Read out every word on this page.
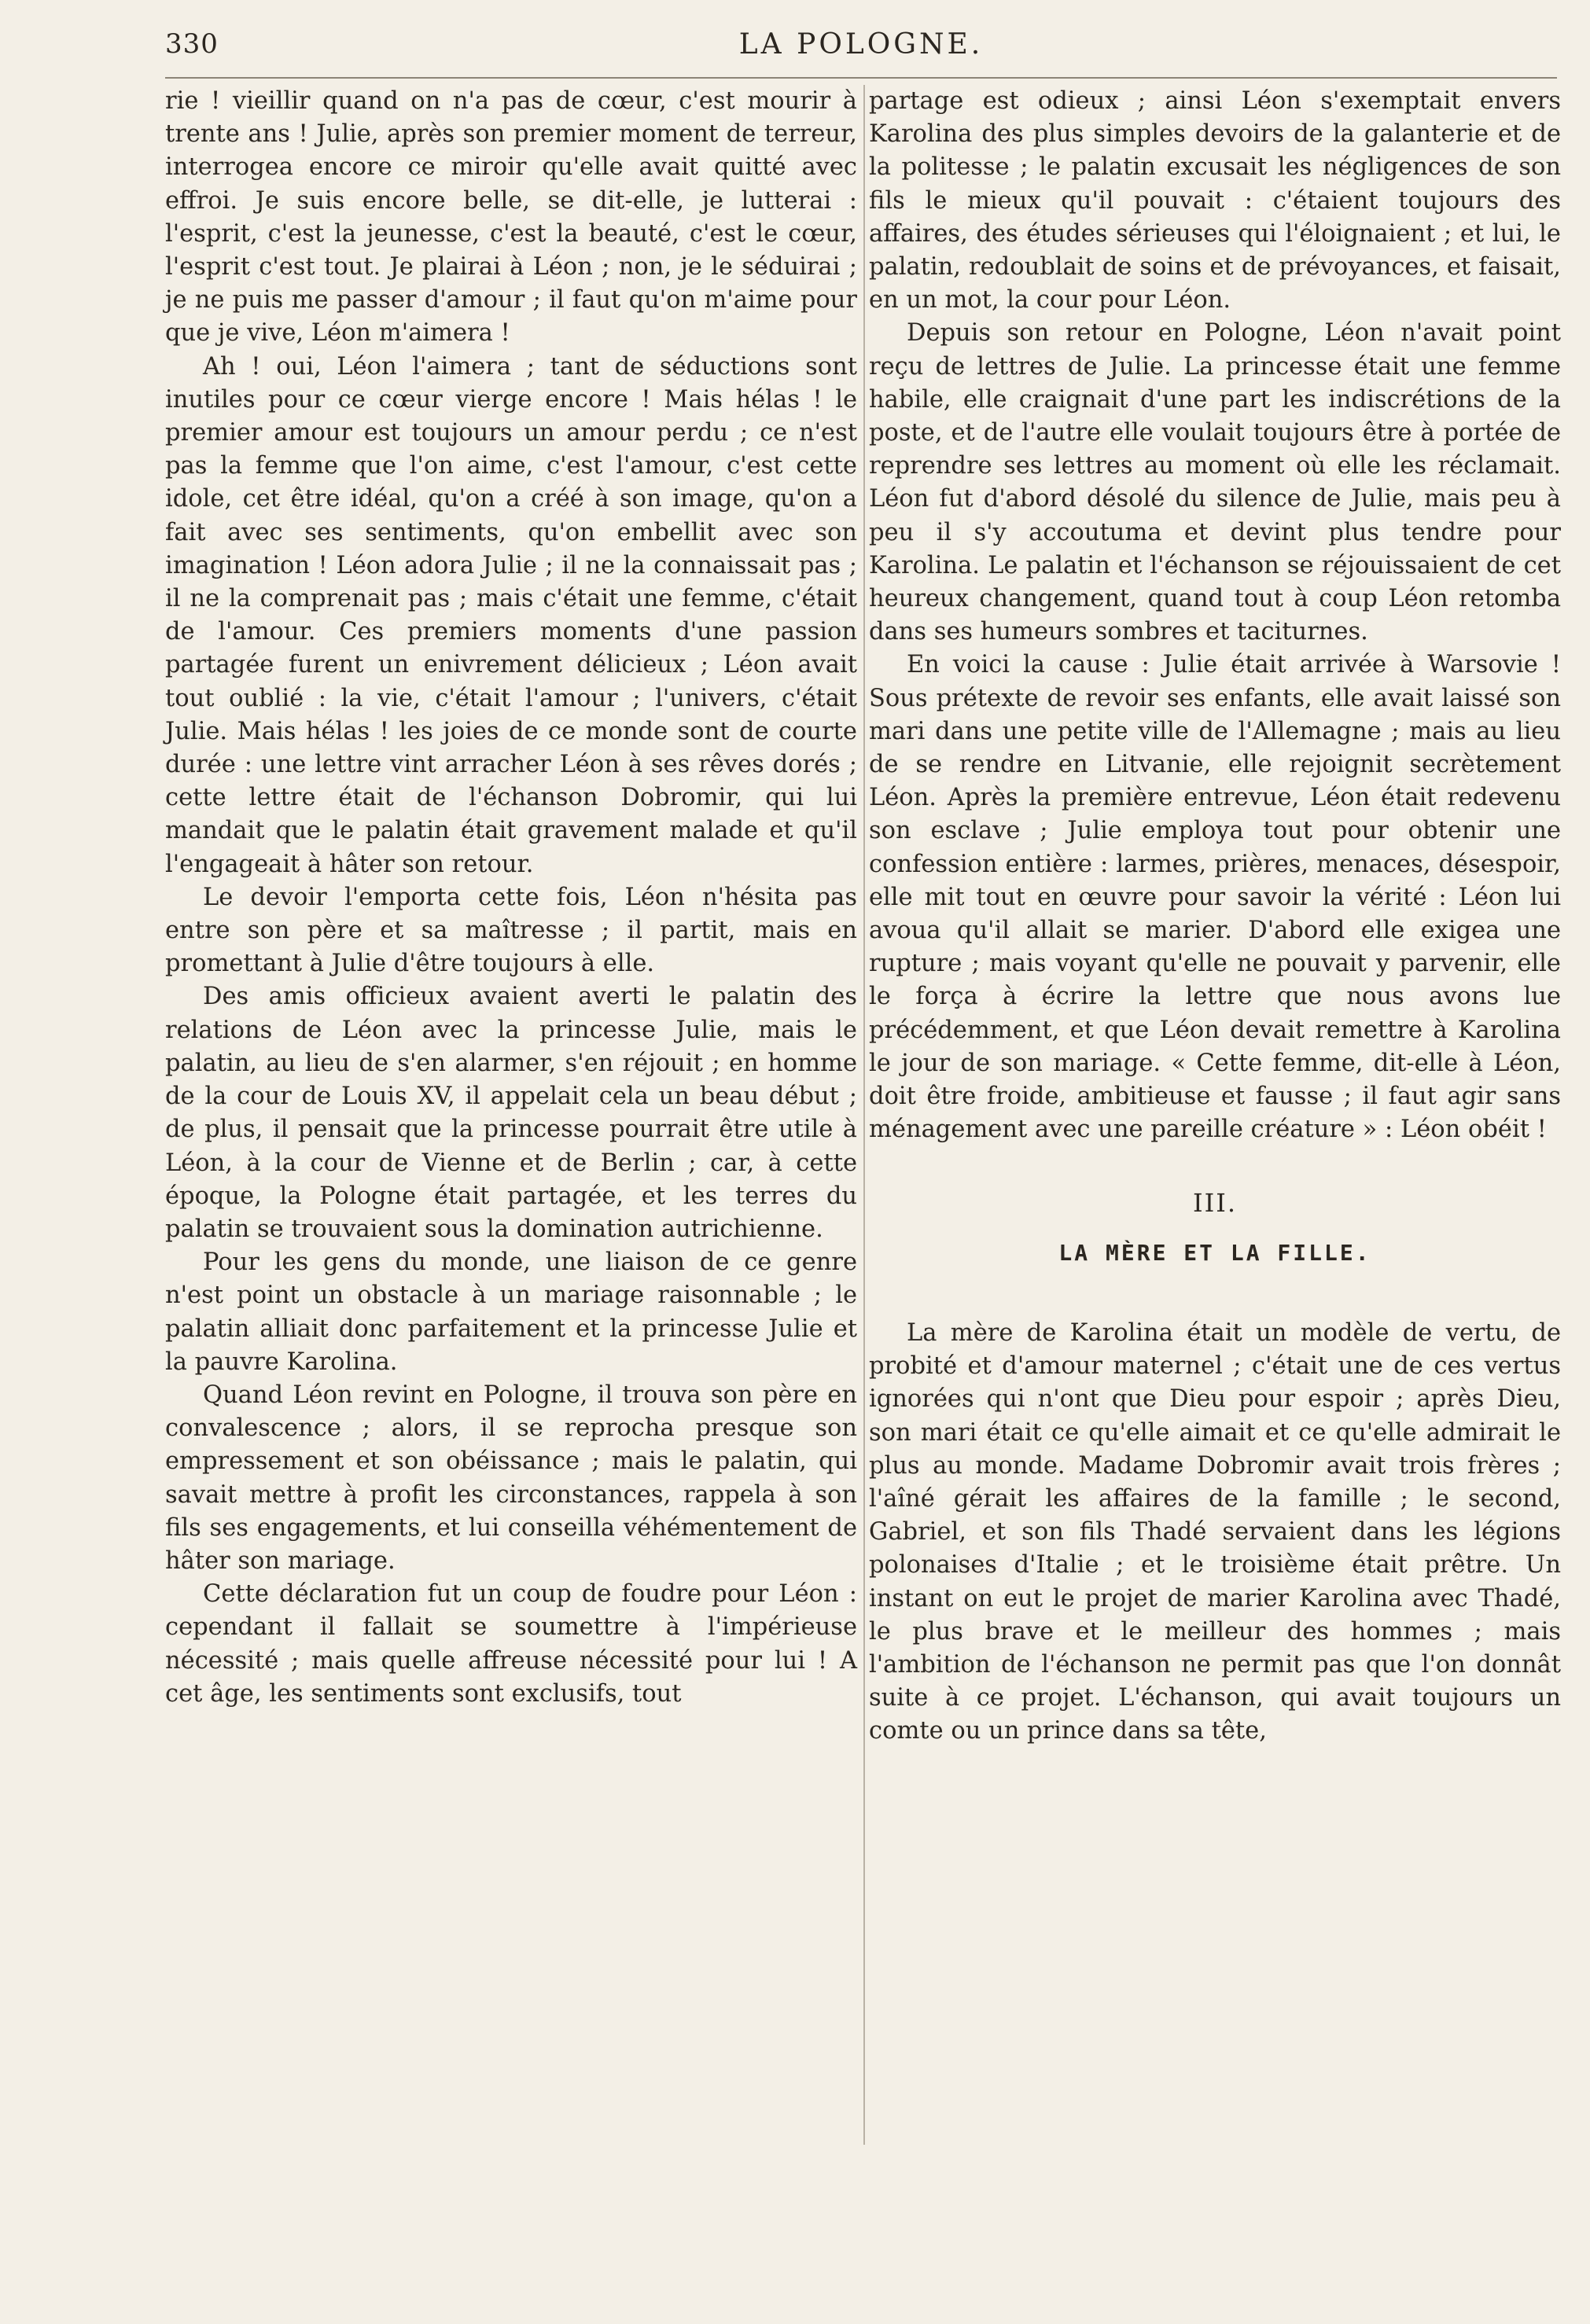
330	LA POLOGNE.

rie ! vieillir quand on n'a pas de cœur, c'est mourir à trente ans ! Julie, après son premier moment de terreur, interrogea encore ce miroir qu'elle avait quitté avec effroi. Je suis encore belle, se dit-elle, je lutterai : l'esprit, c'est la jeunesse, c'est la beauté, c'est le cœur, l'esprit c'est tout. Je plairai à Léon ; non, je le séduirai ; je ne puis me passer d'amour ; il faut qu'on m'aime pour que je vive, Léon m'aimera !

Ah ! oui, Léon l'aimera ; tant de séductions sont inutiles pour ce cœur vierge encore ! Mais hélas ! le premier amour est toujours un amour perdu ; ce n'est pas la femme que l'on aime, c'est l'amour, c'est cette idole, cet être idéal, qu'on a créé à son image, qu'on a fait avec ses sentiments, qu'on embellit avec son imagination ! Léon adora Julie ; il ne la connaissait pas ; il ne la comprenait pas ; mais c'était une femme, c'était de l'amour. Ces premiers moments d'une passion partagée furent un enivrement délicieux ; Léon avait tout oublié : la vie, c'était l'amour ; l'univers, c'était Julie. Mais hélas ! les joies de ce monde sont de courte durée : une lettre vint arracher Léon à ses rêves dorés ; cette lettre était de l'échanson Dobromir, qui lui mandait que le palatin était gravement malade et qu'il l'engageait à hâter son retour.

Le devoir l'emporta cette fois, Léon n'hésita pas entre son père et sa maîtresse ; il partit, mais en promettant à Julie d'être toujours à elle.

Des amis officieux avaient averti le palatin des relations de Léon avec la princesse Julie, mais le palatin, au lieu de s'en alarmer, s'en réjouit ; en homme de la cour de Louis XV, il appelait cela un beau début ; de plus, il pensait que la princesse pourrait être utile à Léon, à la cour de Vienne et de Berlin ; car, à cette époque, la Pologne était partagée, et les terres du palatin se trouvaient sous la domination autrichienne.

Pour les gens du monde, une liaison de ce genre n'est point un obstacle à un mariage raisonnable ; le palatin alliait donc parfaitement et la princesse Julie et la pauvre Karolina.

Quand Léon revint en Pologne, il trouva son père en convalescence ; alors, il se reprocha presque son empressement et son obéissance ; mais le palatin, qui savait mettre à profit les circonstances, rappela à son fils ses engagements, et lui conseilla véhémentement de hâter son mariage.

Cette déclaration fut un coup de foudre pour Léon : cependant il fallait se soumettre à l'impérieuse nécessité ; mais quelle affreuse nécessité pour lui ! A cet âge, les sentiments sont exclusifs, tout

partage est odieux ; ainsi Léon s'exemptait envers Karolina des plus simples devoirs de la galanterie et de la politesse ; le palatin excusait les négligences de son fils le mieux qu'il pouvait : c'étaient toujours des affaires, des études sérieuses qui l'éloignaient ; et lui, le palatin, redoublait de soins et de prévoyances, et faisait, en un mot, la cour pour Léon.

Depuis son retour en Pologne, Léon n'avait point reçu de lettres de Julie. La princesse était une femme habile, elle craignait d'une part les indiscrétions de la poste, et de l'autre elle voulait toujours être à portée de reprendre ses lettres au moment où elle les réclamait. Léon fut d'abord désolé du silence de Julie, mais peu à peu il s'y accoutuma et devint plus tendre pour Karolina. Le palatin et l'échanson se réjouissaient de cet heureux changement, quand tout à coup Léon retomba dans ses humeurs sombres et taciturnes.

En voici la cause : Julie était arrivée à Warsovie ! Sous prétexte de revoir ses enfants, elle avait laissé son mari dans une petite ville de l'Allemagne ; mais au lieu de se rendre en Litvanie, elle rejoignit secrètement Léon. Après la première entrevue, Léon était redevenu son esclave ; Julie employa tout pour obtenir une confession entière : larmes, prières, menaces, désespoir, elle mit tout en œuvre pour savoir la vérité : Léon lui avoua qu'il allait se marier. D'abord elle exigea une rupture ; mais voyant qu'elle ne pouvait y parvenir, elle le força à écrire la lettre que nous avons lue précédemment, et que Léon devait remettre à Karolina le jour de son mariage. « Cette femme, dit-elle à Léon, doit être froide, ambitieuse et fausse ; il faut agir sans ménagement avec une pareille créature » : Léon obéit !

III.
LA MÈRE ET LA FILLE.

La mère de Karolina était un modèle de vertu, de probité et d'amour maternel ; c'était une de ces vertus ignorées qui n'ont que Dieu pour espoir ; après Dieu, son mari était ce qu'elle aimait et ce qu'elle admirait le plus au monde. Madame Dobromir avait trois frères ; l'aîné gérait les affaires de la famille ; le second, Gabriel, et son fils Thadé servaient dans les légions polonaises d'Italie ; et le troisième était prêtre. Un instant on eut le projet de marier Karolina avec Thadé, le plus brave et le meilleur des hommes ; mais l'ambition de l'échanson ne permit pas que l'on donnât suite à ce projet. L'échanson, qui avait toujours un comte ou un prince dans sa tête,
